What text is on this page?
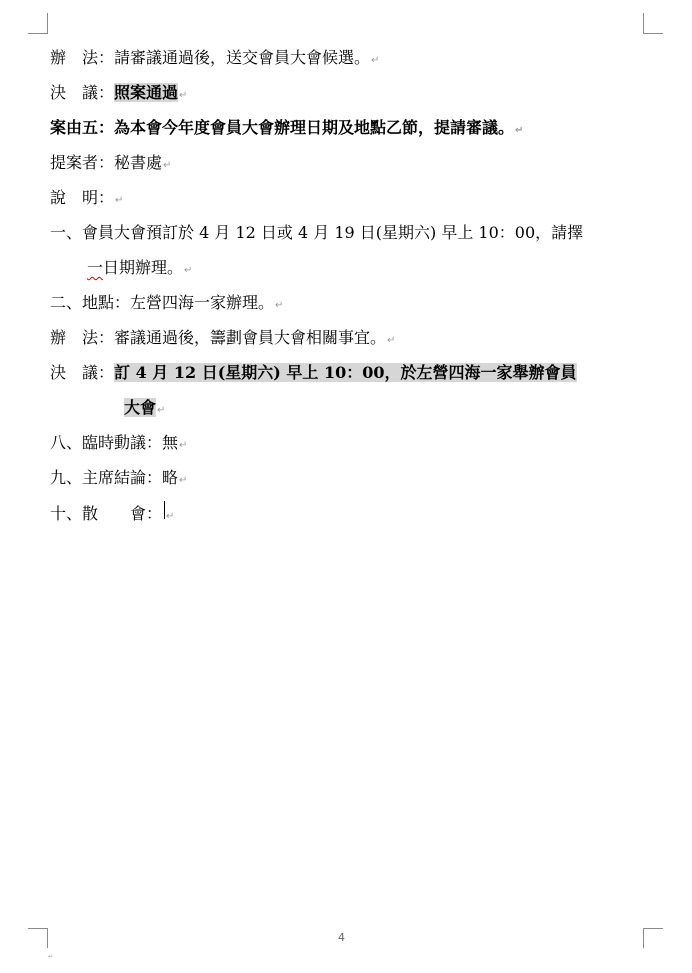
辦　法：請審議通過後，送交會員大會候選。↵
決　議：照案通過↵
案由五：為本會今年度會員大會辦理日期及地點乙節，提請審議。↵
提案者：秘書處↵
說　明：↵
一、會員大會預訂於 4 月 12 日或 4 月 19 日(星期六) 早上 10：00，請擇
一日期辦理。↵
二、地點：左營四海一家辦理。↵
辦　法：審議通過後，籌劃會員大會相關事宜。↵
決　議：訂 4 月 12 日(星期六) 早上 10：00，於左營四海一家舉辦會員
大會↵
八、臨時動議：無↵
九、主席結論：略↵
十、散　　會： ↵
4
↵
